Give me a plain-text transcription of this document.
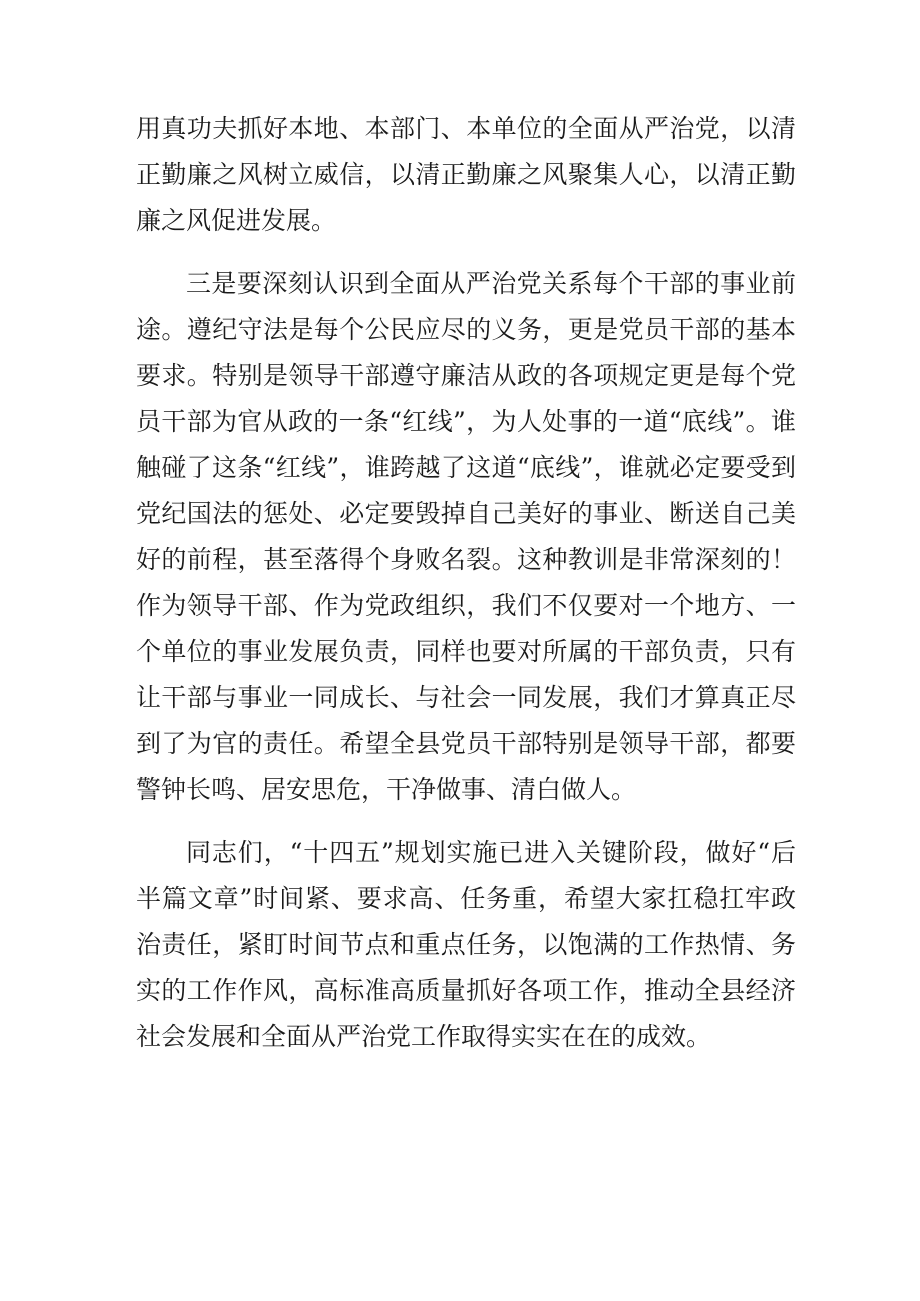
用真功夫抓好本地、本部门、本单位的全面从严治党，以清正勤廉之风树立威信，以清正勤廉之风聚集人心，以清正勤廉之风促进发展。

三是要深刻认识到全面从严治党关系每个干部的事业前途。遵纪守法是每个公民应尽的义务，更是党员干部的基本要求。特别是领导干部遵守廉洁从政的各项规定更是每个党员干部为官从政的一条“红线”，为人处事的一道“底线”。谁触碰了这条“红线”，谁跨越了这道“底线”，谁就必定要受到党纪国法的惩处、必定要毁掉自己美好的事业、断送自己美好的前程，甚至落得个身败名裂。这种教训是非常深刻的！作为领导干部、作为党政组织，我们不仅要对一个地方、一个单位的事业发展负责，同样也要对所属的干部负责，只有让干部与事业一同成长、与社会一同发展，我们才算真正尽到了为官的责任。希望全县党员干部特别是领导干部，都要警钟长鸣、居安思危，干净做事、清白做人。

同志们，“十四五”规划实施已进入关键阶段，做好“后半篇文章”时间紧、要求高、任务重，希望大家扛稳扛牢政治责任，紧盯时间节点和重点任务，以饱满的工作热情、务实的工作作风，高标准高质量抓好各项工作，推动全县经济社会发展和全面从严治党工作取得实实在在的成效。
